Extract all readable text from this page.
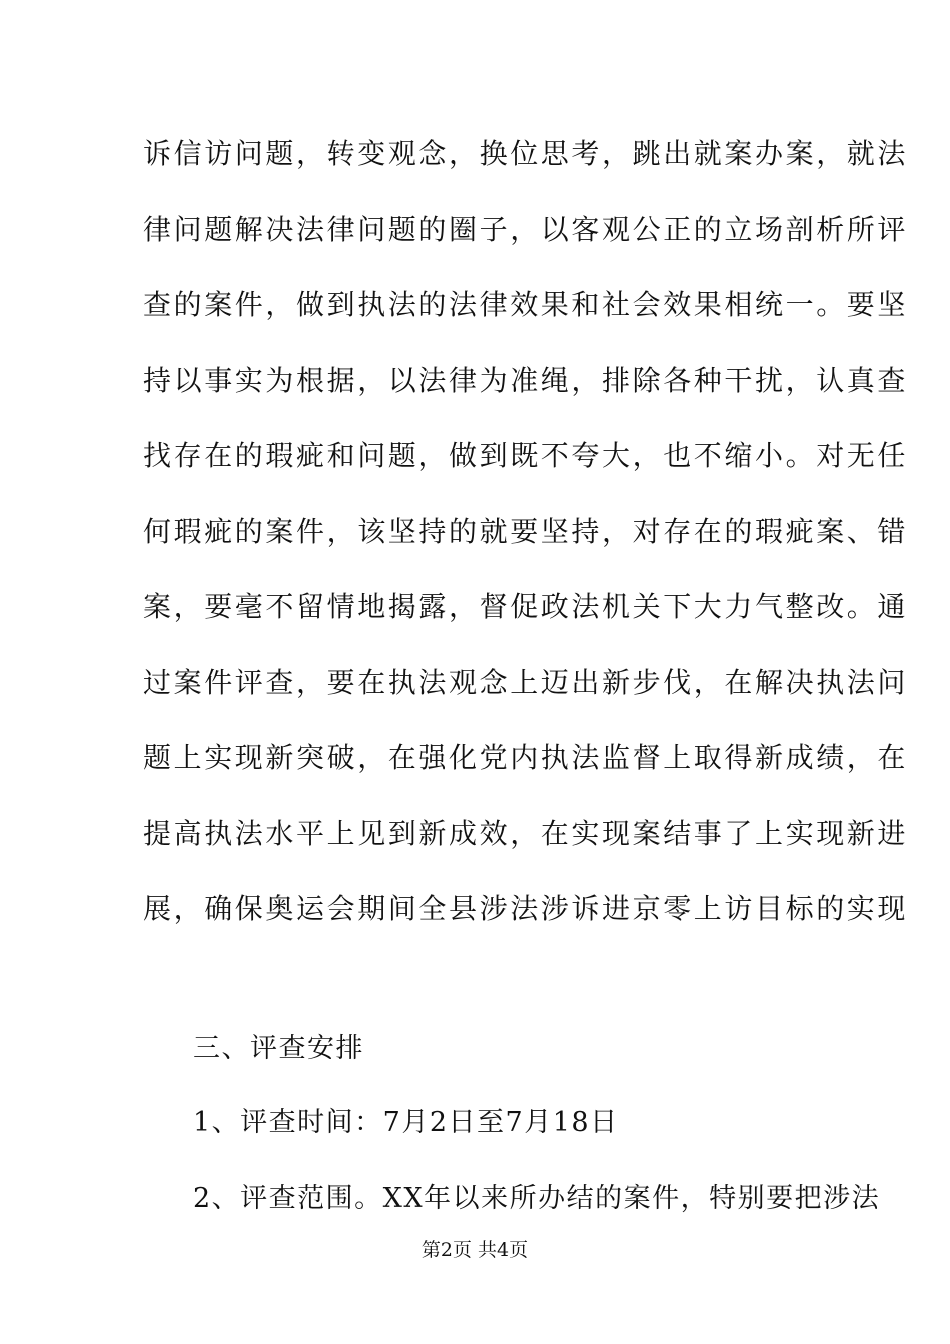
诉信访问题，转变观念，换位思考，跳出就案办案，就法

律问题解决法律问题的圈子，以客观公正的立场剖析所评

查的案件，做到执法的法律效果和社会效果相统一。要坚

持以事实为根据，以法律为准绳，排除各种干扰，认真查

找存在的瑕疵和问题，做到既不夸大，也不缩小。对无任

何瑕疵的案件，该坚持的就要坚持，对存在的瑕疵案、错

案，要毫不留情地揭露，督促政法机关下大力气整改。通

过案件评查，要在执法观念上迈出新步伐，在解决执法问

题上实现新突破，在强化党内执法监督上取得新成绩，在

提高执法水平上见到新成效，在实现案结事了上实现新进

展，确保奥运会期间全县涉法涉诉进京零上访目标的实现

三、评查安排
1、评查时间：7月2日至7月18日
2、评查范围。XX年以来所办结的案件，特别要把涉法
第2页 共4页
